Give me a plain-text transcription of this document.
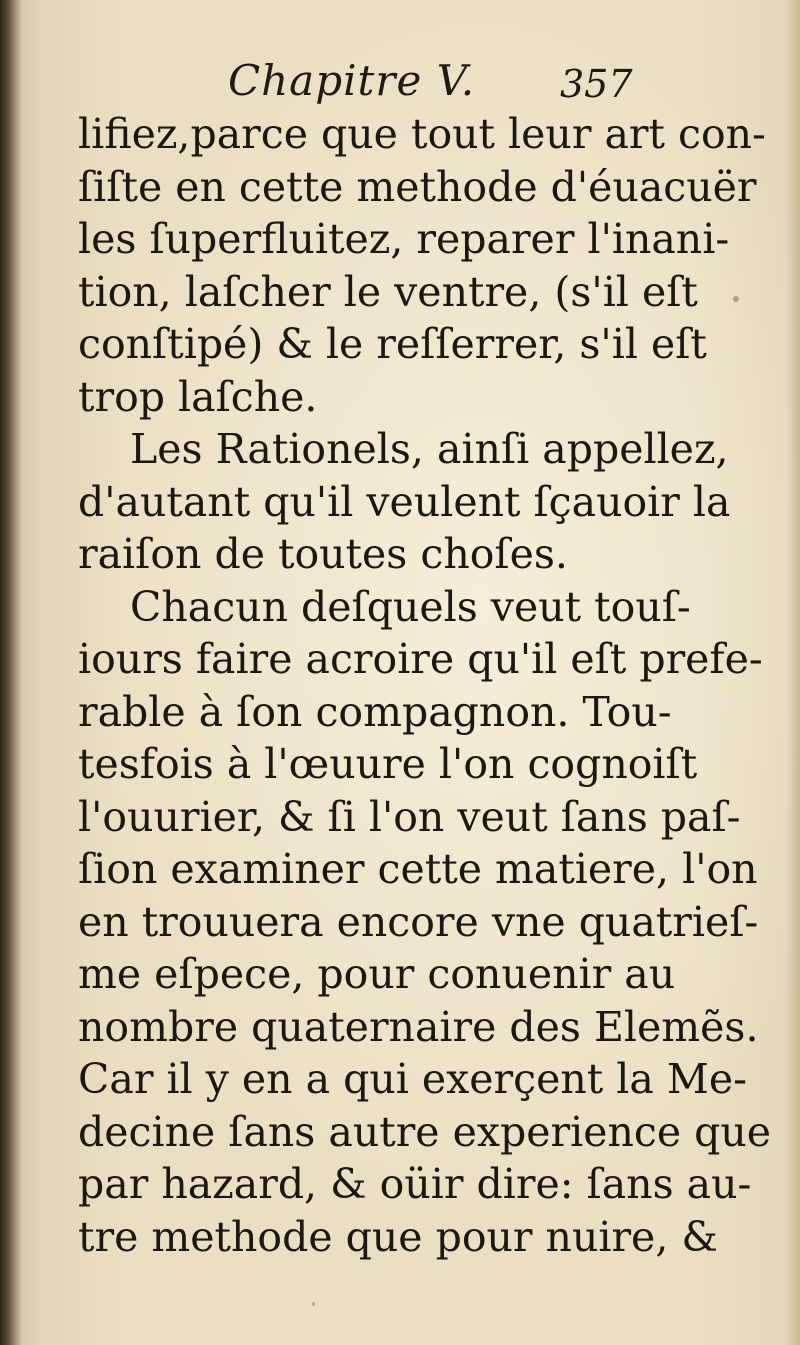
Chapitre V. 357
lifiez,parce que tout leur art con-
ſiſte en cette methode d'éuacuër
les ſuperfluitez, reparer l'inani-
tion, laſcher le ventre, (s'il eſt
conſtipé) & le reſſerrer, s'il eſt
trop laſche.
Les Rationels, ainſi appellez,
d'autant qu'il veulent ſçauoir la
raiſon de toutes choſes.
Chacun deſquels veut touſ-
iours faire acroire qu'il eſt prefe-
rable à ſon compagnon. Tou-
tesfois à l'œuure l'on cognoiſt
l'ouurier, & ſi l'on veut ſans paſ-
ſion examiner cette matiere, l'on
en trouuera encore vne quatrieſ-
me eſpece, pour conuenir au
nombre quaternaire des Elemẽs.
Car il y en a qui exerçent la Me-
decine ſans autre experience que
par hazard, & oüir dire: ſans au-
tre methode que pour nuire, &
